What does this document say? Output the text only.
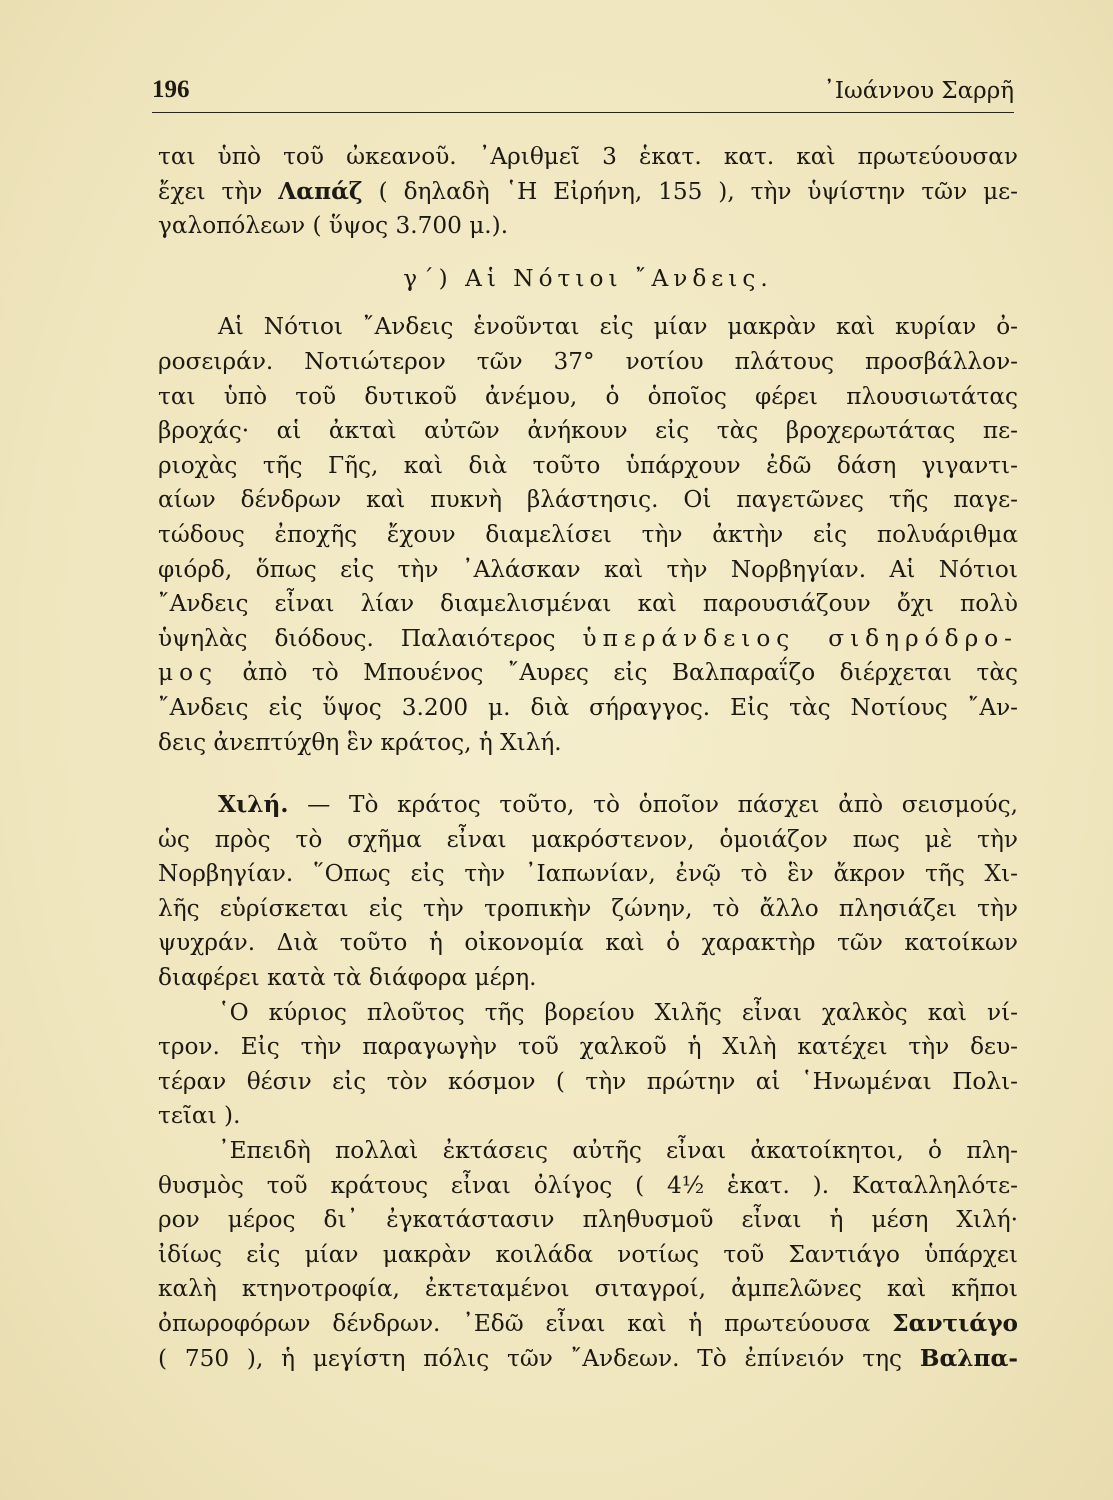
196	᾿Ιωάννου Σαρρῆ
ται ὑπὸ τοῦ ὠκεανοῦ. ᾿Αριθμεῖ 3 ἑκατ. κατ. καὶ πρωτεύουσαν
ἔχει τὴν Λαπάζ ( δηλαδὴ ῾Η Εἰρήνη, 155 ), τὴν ὑψίστην τῶν με-
γαλοπόλεων ( ὕψος 3.700 μ.).
γ΄) Αἱ Νότιοι ῎Ανδεις.
Αἱ Νότιοι ῎Ανδεις ἑνοῦνται εἰς μίαν μακρὰν καὶ κυρίαν ὀ-
ροσειράν. Νοτιώτερον τῶν 37° νοτίου πλάτους προσβάλλον-
ται ὑπὸ τοῦ δυτικοῦ ἀνέμου, ὁ ὁποῖος φέρει πλουσιωτάτας
βροχάς· αἱ ἀκταὶ αὐτῶν ἀνήκουν εἰς τὰς βροχερωτάτας πε-
ριοχὰς τῆς Γῆς, καὶ διὰ τοῦτο ὑπάρχουν ἐδῶ δάση γιγαντι-
αίων δένδρων καὶ πυκνὴ βλάστησις. Οἱ παγετῶνες τῆς παγε-
τώδους ἐποχῆς ἔχουν διαμελίσει τὴν ἀκτὴν εἰς πολυάριθμα
φιόρδ, ὅπως εἰς τὴν ᾿Αλάσκαν καὶ τὴν Νορβηγίαν. Αἱ Νότιοι
῎Ανδεις εἶναι λίαν διαμελισμέναι καὶ παρουσιάζουν ὄχι πολὺ
ὑψηλὰς διόδους. Παλαιότερος ὑπεράνδειος σιδηρόδρο-
μος ἀπὸ τὸ Μπουένος ῎Αυρες εἰς Βαλπαραΐζο διέρχεται τὰς
῎Ανδεις εἰς ὕψος 3.200 μ. διὰ σήραγγος. Εἰς τὰς Νοτίους ῎Αν-
δεις ἀνεπτύχθη ἓν κράτος, ἡ Χιλή.
Χιλή. — Τὸ κράτος τοῦτο, τὸ ὁποῖον πάσχει ἀπὸ σεισμούς,
ὡς πρὸς τὸ σχῆμα εἶναι μακρόστενον, ὁμοιάζον πως μὲ τὴν
Νορβηγίαν. ῞Οπως εἰς τὴν ᾿Ιαπωνίαν, ἐνῷ τὸ ἓν ἄκρον τῆς Χι-
λῆς εὑρίσκεται εἰς τὴν τροπικὴν ζώνην, τὸ ἄλλο πλησιάζει τὴν
ψυχράν. Διὰ τοῦτο ἡ οἰκονομία καὶ ὁ χαρακτὴρ τῶν κατοίκων
διαφέρει κατὰ τὰ διάφορα μέρη.
῾Ο κύριος πλοῦτος τῆς βορείου Χιλῆς εἶναι χαλκὸς καὶ νί-
τρον. Εἰς τὴν παραγωγὴν τοῦ χαλκοῦ ἡ Χιλὴ κατέχει τὴν δευ-
τέραν θέσιν εἰς τὸν κόσμον ( τὴν πρώτην αἱ ῾Ηνωμέναι Πολι-
τεῖαι ).
᾿Επειδὴ πολλαὶ ἐκτάσεις αὐτῆς εἶναι ἀκατοίκητοι, ὁ πλη-
θυσμὸς τοῦ κράτους εἶναι ὀλίγος ( 4½ ἑκατ. ). Καταλληλότε-
ρον μέρος δι᾿ ἐγκατάστασιν πληθυσμοῦ εἶναι ἡ μέση Χιλή·
ἰδίως εἰς μίαν μακρὰν κοιλάδα νοτίως τοῦ Σαντιάγο ὑπάρχει
καλὴ κτηνοτροφία, ἐκτεταμένοι σιταγροί, ἀμπελῶνες καὶ κῆποι
ὀπωροφόρων δένδρων. ᾿Εδῶ εἶναι καὶ ἡ πρωτεύουσα Σαντιάγο
( 750 ), ἡ μεγίστη πόλις τῶν ῎Ανδεων. Τὸ ἐπίνειόν της Βαλπα-
